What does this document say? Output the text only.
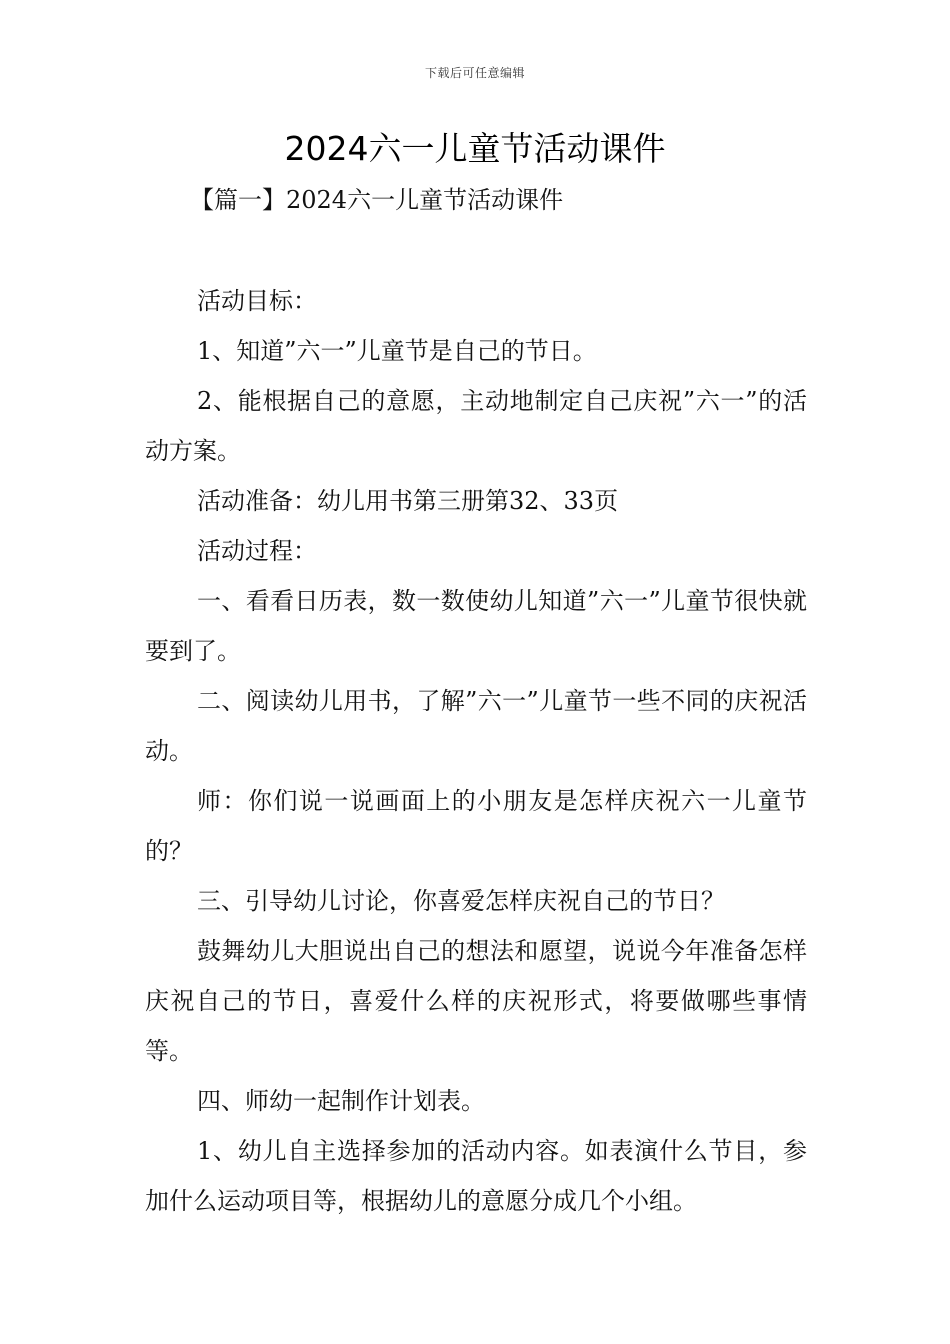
下载后可任意编辑
2024六一儿童节活动课件
【篇一】2024六一儿童节活动课件

活动目标：

1、知道”六一”儿童节是自己的节日。

2、能根据自己的意愿，主动地制定自己庆祝”六一”的活动方案。

活动准备：幼儿用书第三册第32、33页

活动过程：

一、看看日历表，数一数使幼儿知道”六一”儿童节很快就要到了。

二、阅读幼儿用书，了解”六一”儿童节一些不同的庆祝活动。

师：你们说一说画面上的小朋友是怎样庆祝六一儿童节的？

三、引导幼儿讨论，你喜爱怎样庆祝自己的节日？

鼓舞幼儿大胆说出自己的想法和愿望，说说今年准备怎样庆祝自己的节日，喜爱什么样的庆祝形式，将要做哪些事情等。

四、师幼一起制作计划表。

1、幼儿自主选择参加的活动内容。如表演什么节目，参加什么运动项目等，根据幼儿的意愿分成几个小组。
